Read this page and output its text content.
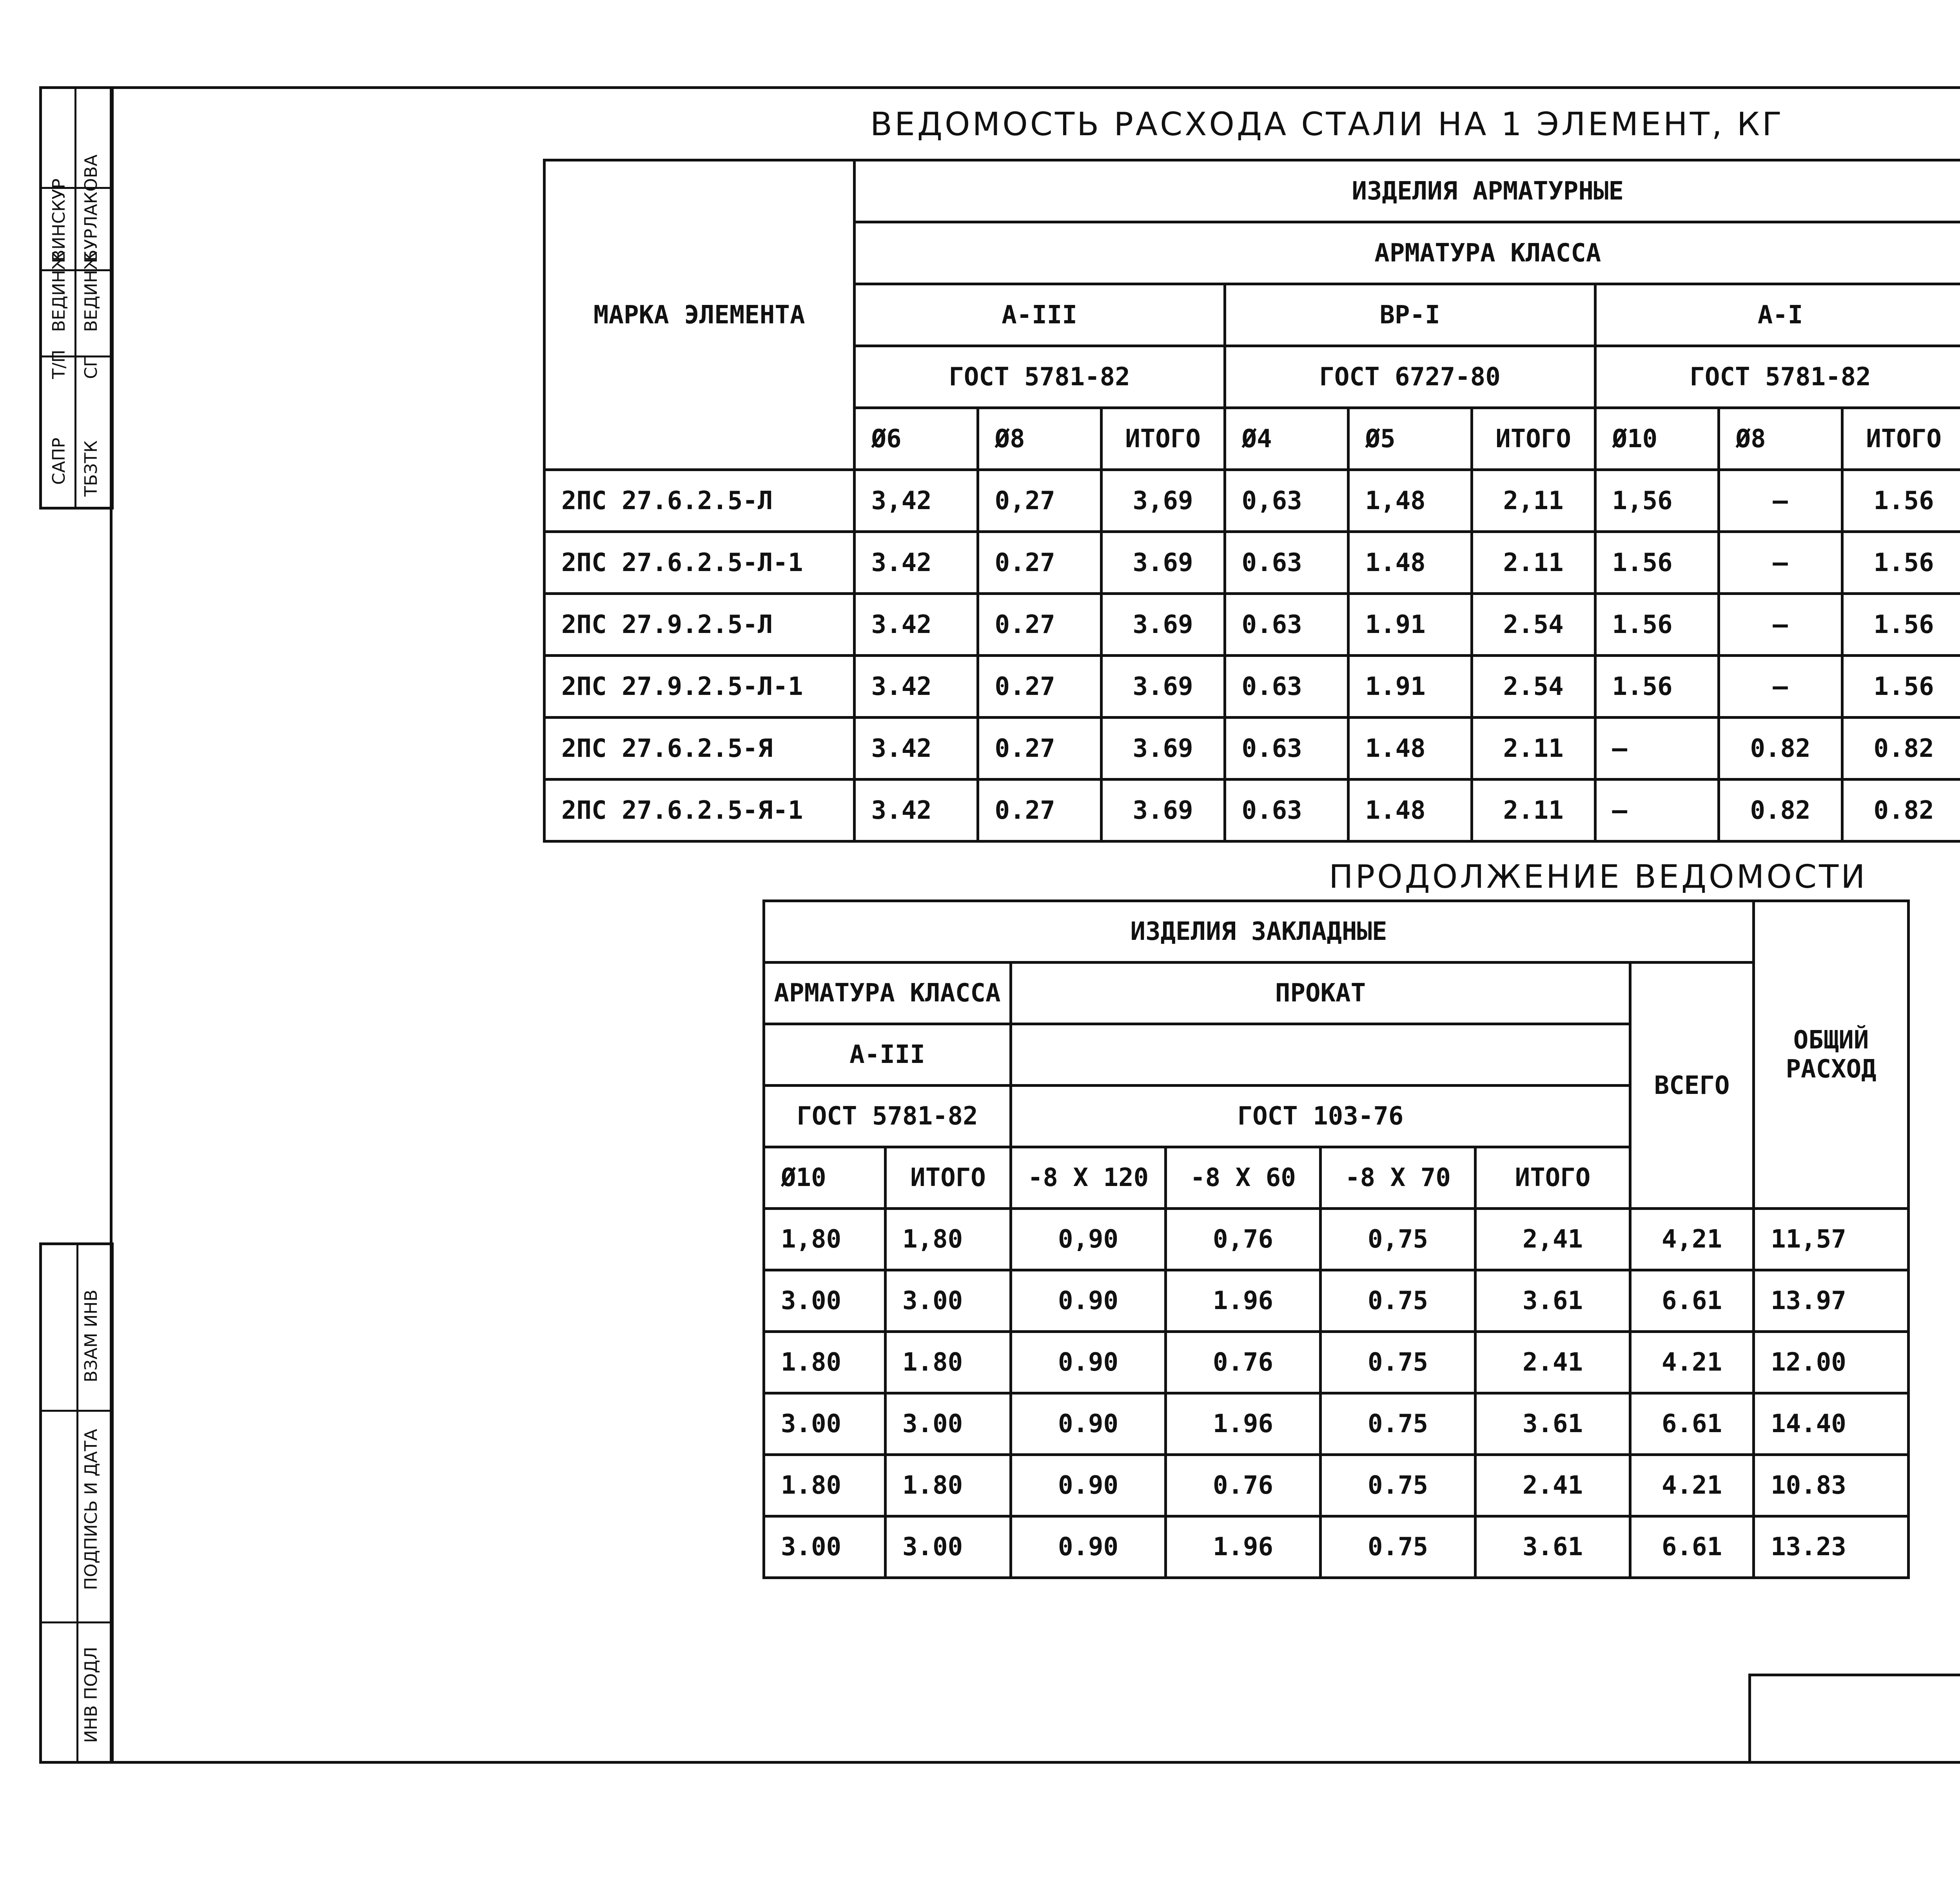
САПР ТБЗТК
Т/П СП
ВЕДИНЖ ВЕДИНЖ
ВИНСКУР БУРЛАКОВА
ВЗАМ ИНВ
ПОДПИСЬ И ДАТА
ИНВ ПОДЛ
ВЕДОМОСТЬ РАСХОДА СТАЛИ НА 1 ЭЛЕМЕНТ, КГ
МАРКА ЭЛЕМЕНТА	ИЗДЕЛИЯ АРМАТУРНЫЕ									
	АРМАТУРА КЛАССА									
	А-III			ВР-I			А-I	
	ГОСТ 5781-82			ГОСТ 6727-80			ГОСТ 5781-82			
	Ø6	Ø8	ИТОГО	Ø4	Ø5	ИТОГО	Ø10	Ø8	ИТОГО	
2ПС 27.6.2.5-Л	3,42	0,27	3,69	0,63	1,48	2,11	1,56	—	1.56	
2ПС 27.6.2.5-Л-1	3.42	0.27	3.69	0.63	1.48	2.11	1.56	—	1.56	
2ПС 27.9.2.5-Л	3.42	0.27	3.69	0.63	1.91	2.54	1.56	—	1.56	
2ПС 27.9.2.5-Л-1	3.42	0.27	3.69	0.63	1.91	2.54	1.56	—	1.56	
2ПС 27.6.2.5-Я	3.42	0.27	3.69	0.63	1.48	2.11	—	0.82	0.82	
2ПС 27.6.2.5-Я-1	3.42	0.27	3.69	0.63	1.48	2.11	—	0.82	0.82	
ПРОДОЛЖЕНИЕ ВЕДОМОСТИ
ИЗДЕЛИЯ ЗАКЛАДНЫЕ							ОБЩИЙ РАСХОД
АРМАТУРА КЛАССА		ПРОКАТ				ВСЕГО	
А-III							
ГОСТ 5781-82		ГОСТ 103-76					
Ø10	ИТОГО	-8 Х 120	-8 Х 60	-8 Х 70	ИТОГО		
1,80	1,80	0,90	0,76	0,75	2,41	4,21	11,57
3.00	3.00	0.90	1.96	0.75	3.61	6.61	13.97
1.80	1.80	0.90	0.76	0.75	2.41	4.21	12.00
3.00	3.00	0.90	1.96	0.75	3.61	6.61	14.40
1.80	1.80	0.90	0.76	0.75	2.41	4.21	10.83
3.00	3.00	0.90	1.96	0.75	3.61	6.61	13.23
